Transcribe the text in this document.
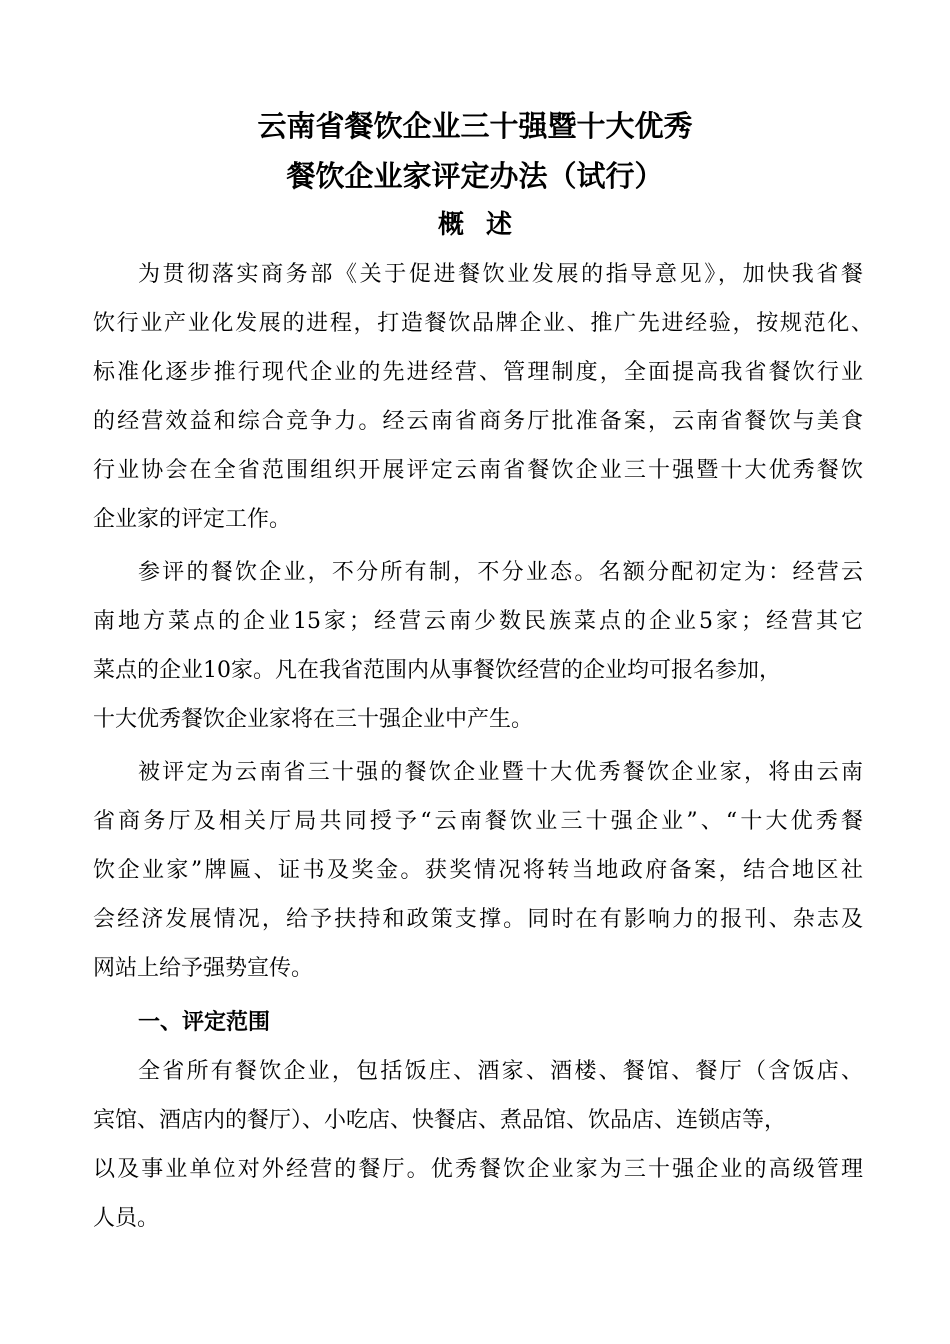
云南省餐饮企业三十强暨十大优秀
餐饮企业家评定办法（试行）
概述
为贯彻落实商务部《关于促进餐饮业发展的指导意见》，加快我省餐
饮行业产业化发展的进程，打造餐饮品牌企业、推广先进经验，按规范化、
标准化逐步推行现代企业的先进经营、管理制度，全面提高我省餐饮行业
的经营效益和综合竞争力。经云南省商务厅批准备案，云南省餐饮与美食
行业协会在全省范围组织开展评定云南省餐饮企业三十强暨十大优秀餐饮
企业家的评定工作。
参评的餐饮企业，不分所有制，不分业态。名额分配初定为：经营云
南地方菜点的企业15家；经营云南少数民族菜点的企业5家；经营其它
菜点的企业10家。凡在我省范围内从事餐饮经营的企业均可报名参加，
十大优秀餐饮企业家将在三十强企业中产生。
被评定为云南省三十强的餐饮企业暨十大优秀餐饮企业家，将由云南
省商务厅及相关厅局共同授予“云南餐饮业三十强企业”、“十大优秀餐
饮企业家”牌匾、证书及奖金。获奖情况将转当地政府备案，结合地区社
会经济发展情况，给予扶持和政策支撑。同时在有影响力的报刊、杂志及
网站上给予强势宣传。
一、评定范围
全省所有餐饮企业，包括饭庄、酒家、酒楼、餐馆、餐厅（含饭店、
宾馆、酒店内的餐厅）、小吃店、快餐店、煮品馆、饮品店、连锁店等，
以及事业单位对外经营的餐厅。优秀餐饮企业家为三十强企业的高级管理
人员。
